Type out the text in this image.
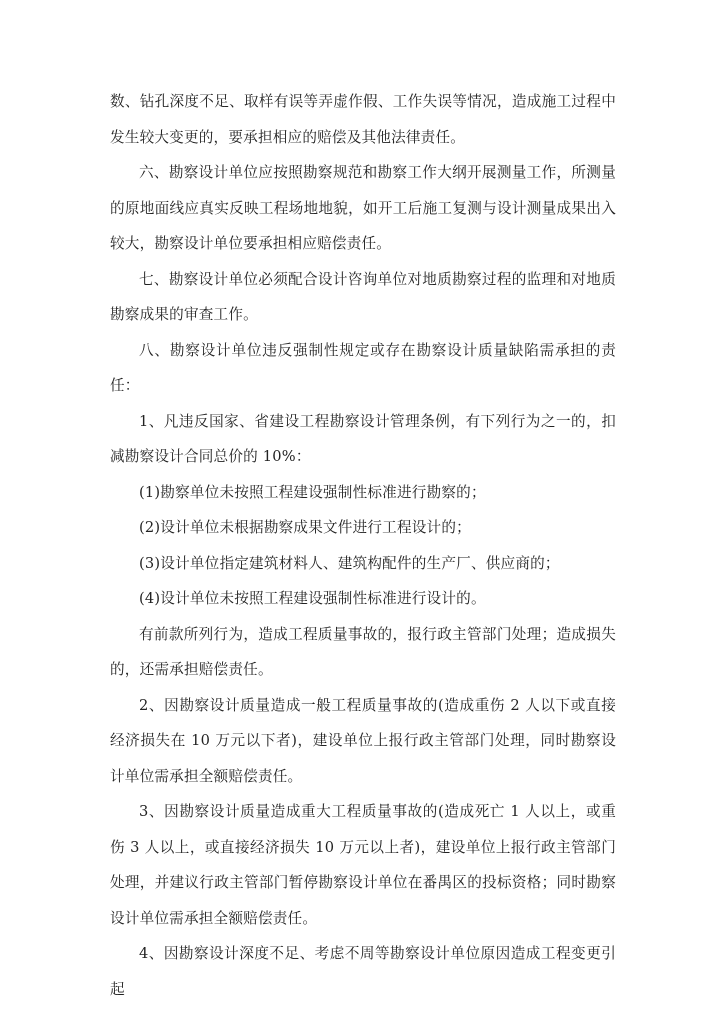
数、钻孔深度不足、取样有误等弄虚作假、工作失误等情况，造成施工过程中发生较大变更的，要承担相应的赔偿及其他法律责任。

六、勘察设计单位应按照勘察规范和勘察工作大纲开展测量工作，所测量的原地面线应真实反映工程场地地貌，如开工后施工复测与设计测量成果出入较大，勘察设计单位要承担相应赔偿责任。

七、勘察设计单位必须配合设计咨询单位对地质勘察过程的监理和对地质勘察成果的审查工作。

八、勘察设计单位违反强制性规定或存在勘察设计质量缺陷需承担的责任：

1、凡违反国家、省建设工程勘察设计管理条例，有下列行为之一的，扣减勘察设计合同总价的 10%：

(1)勘察单位未按照工程建设强制性标准进行勘察的；

(2)设计单位未根据勘察成果文件进行工程设计的；

(3)设计单位指定建筑材料人、建筑构配件的生产厂、供应商的；

(4)设计单位未按照工程建设强制性标准进行设计的。

有前款所列行为，造成工程质量事故的，报行政主管部门处理；造成损失的，还需承担赔偿责任。

2、因勘察设计质量造成一般工程质量事故的(造成重伤 2 人以下或直接经济损失在 10 万元以下者)，建设单位上报行政主管部门处理，同时勘察设计单位需承担全额赔偿责任。

3、因勘察设计质量造成重大工程质量事故的(造成死亡 1 人以上，或重伤 3 人以上，或直接经济损失 10 万元以上者)，建设单位上报行政主管部门处理，并建议行政主管部门暂停勘察设计单位在番禺区的投标资格；同时勘察设计单位需承担全额赔偿责任。

4、因勘察设计深度不足、考虑不周等勘察设计单位原因造成工程变更引起
